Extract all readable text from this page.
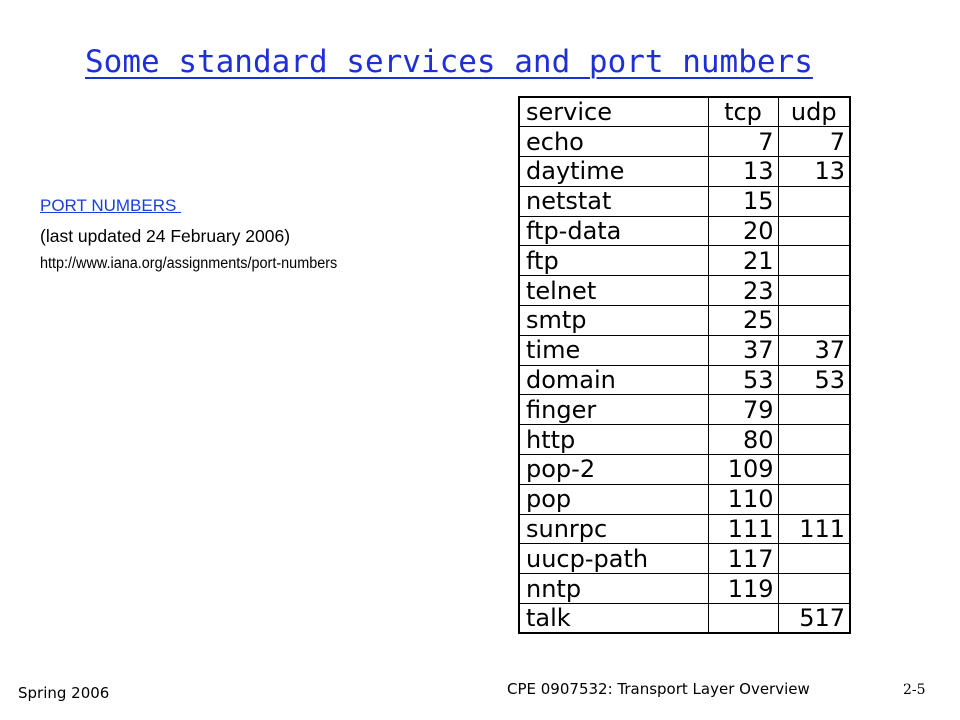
Some standard services and port numbers
PORT NUMBERS
(last updated 24 February 2006)
http://www.iana.org/assignments/port-numbers
service	tcp	udp
echo	7	7
daytime	13	13
netstat	15	
ftp-data	20	
ftp	21	
telnet	23	
smtp	25	
time	37	37
domain	53	53
finger	79	
http	80	
pop-2	109	
pop	110	
sunrpc	111	111
uucp-path	117	
nntp	119	
talk		517
Spring 2006	CPE 0907532: Transport Layer Overview	2-5
